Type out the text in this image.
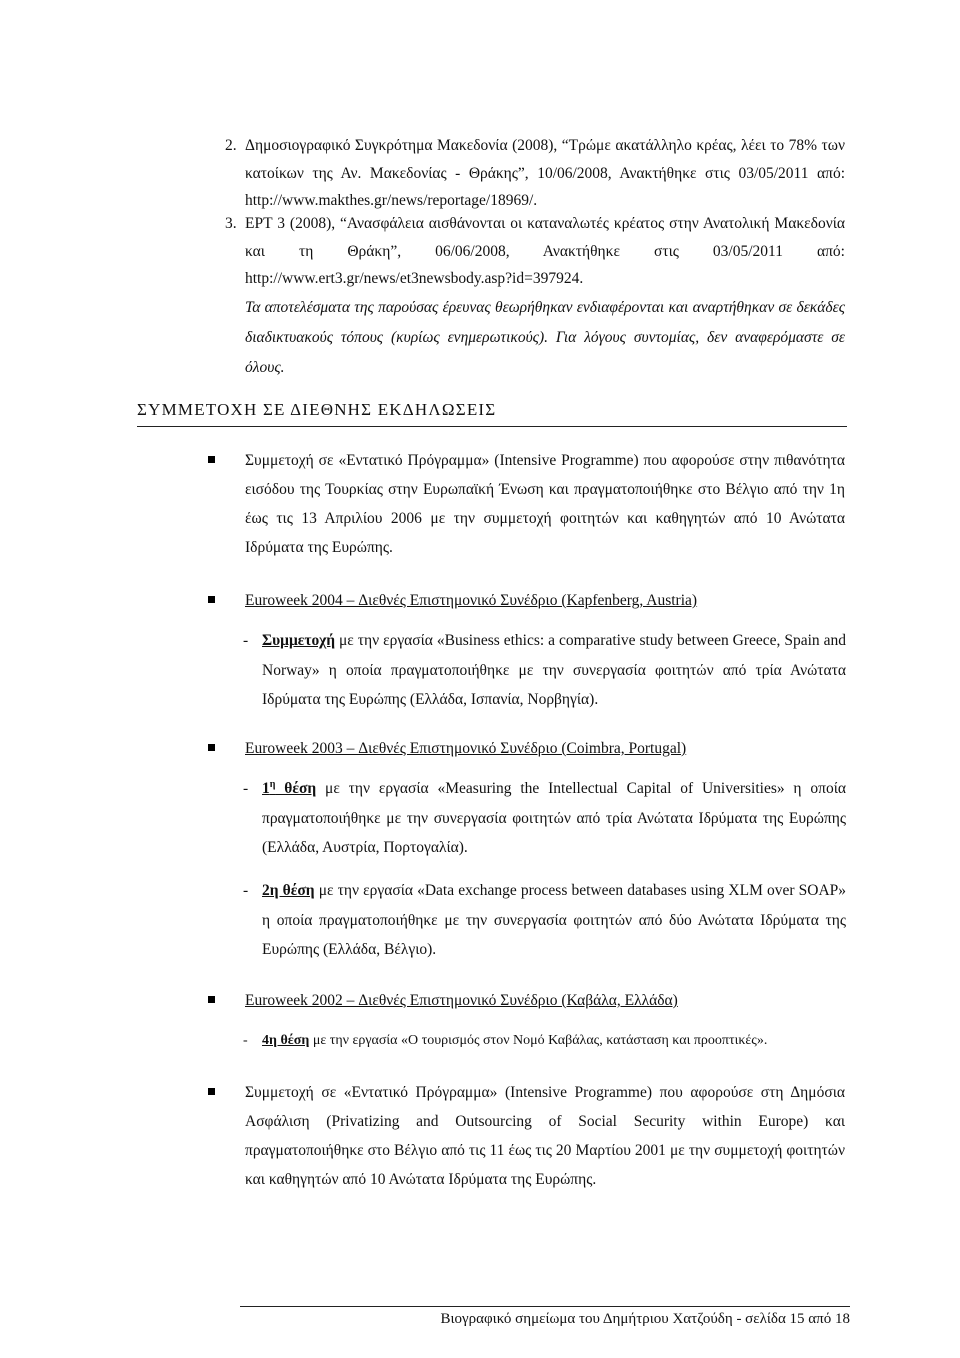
2. Δημοσιογραφικό Συγκρότημα Μακεδονία (2008), “Τρώμε ακατάλληλο κρέας, λέει το 78% των κατοίκων της Αν. Μακεδονίας - Θράκης”, 10/06/2008, Ανακτήθηκε στις 03/05/2011 από: http://www.makthes.gr/news/reportage/18969/.
3. ΕΡΤ 3 (2008), “Ανασφάλεια αισθάνονται οι καταναλωτές κρέατος στην Ανατολική Μακεδονία και τη Θράκη”, 06/06/2008, Ανακτήθηκε στις 03/05/2011 από: http://www.ert3.gr/news/et3newsbody.asp?id=397924.
Τα αποτελέσματα της παρούσας έρευνας θεωρήθηκαν ενδιαφέρονται και αναρτήθηκαν σε δεκάδες διαδικτυακούς τόπους (κυρίως ενημερωτικούς). Για λόγους συντομίας, δεν αναφερόμαστε σε όλους.
ΣΥΜΜΕΤΟΧΗ ΣΕ ΔΙΕΘΝΗΣ ΕΚΔΗΛΩΣΕΙΣ
Συμμετοχή σε «Εντατικό Πρόγραμμα» (Intensive Programme) που αφορούσε στην πιθανότητα εισόδου της Τουρκίας στην Ευρωπαϊκή Ένωση και πραγματοποιήθηκε στο Βέλγιο από την 1η έως τις 13 Απριλίου 2006 με την συμμετοχή φοιτητών και καθηγητών από 10 Ανώτατα Ιδρύματα της Ευρώπης.
Euroweek 2004 – Διεθνές Επιστημονικό Συνέδριο (Kapfenberg, Austria)
- Συμμετοχή με την εργασία «Business ethics: a comparative study between Greece, Spain and Norway» η οποία πραγματοποιήθηκε με την συνεργασία φοιτητών από τρία Ανώτατα Ιδρύματα της Ευρώπης (Ελλάδα, Ισπανία, Νορβηγία).
Euroweek 2003 – Διεθνές Επιστημονικό Συνέδριο (Coimbra, Portugal)
- $1^\eta$ θέση με την εργασία «Measuring the Intellectual Capital of Universities» η οποία πραγματοποιήθηκε με την συνεργασία φοιτητών από τρία Ανώτατα Ιδρύματα της Ευρώπης (Ελλάδα, Αυστρία, Πορτογαλία).
- 2η θέση με την εργασία «Data exchange process between databases using XLM over SOAP» η οποία πραγματοποιήθηκε με την συνεργασία φοιτητών από δύο Ανώτατα Ιδρύματα της Ευρώπης (Ελλάδα, Βέλγιο).
Euroweek 2002 – Διεθνές Επιστημονικό Συνέδριο (Καβάλα, Ελλάδα)
- 4η θέση με την εργασία «Ο τουρισμός στον Νομό Καβάλας, κατάσταση και προοπτικές».
Συμμετοχή σε «Εντατικό Πρόγραμμα» (Intensive Programme) που αφορούσε στη Δημόσια Ασφάλιση (Privatizing and Outsourcing of Social Security within Europe) και πραγματοποιήθηκε στο Βέλγιο από τις 11 έως τις 20 Μαρτίου 2001 με την συμμετοχή φοιτητών και καθηγητών από 10 Ανώτατα Ιδρύματα της Ευρώπης.
Βιογραφικό σημείωμα του Δημήτριου Χατζούδη - σελίδα 15 από 18
